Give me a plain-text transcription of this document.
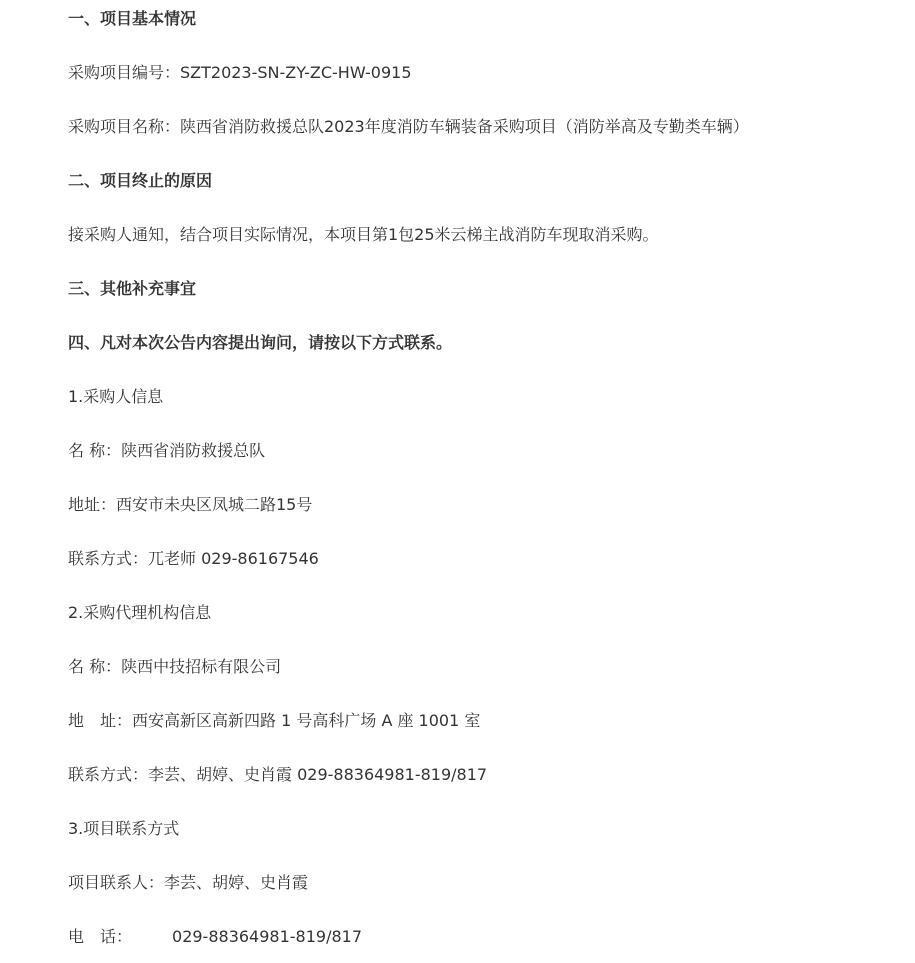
一、项目基本情况
采购项目编号：SZT2023-SN-ZY-ZC-HW-0915
采购项目名称：陕西省消防救援总队2023年度消防车辆装备采购项目（消防举高及专勤类车辆）
二、项目终止的原因
接采购人通知，结合项目实际情况，本项目第1包25米云梯主战消防车现取消采购。
三、其他补充事宜
四、凡对本次公告内容提出询问，请按以下方式联系。
1.采购人信息
名 称：陕西省消防救援总队
地址：西安市未央区凤城二路15号
联系方式：兀老师 029-86167546
2.采购代理机构信息
名 称：陕西中技招标有限公司
地　址：西安高新区高新四路 1 号高科广场 A 座 1001 室
联系方式：李芸、胡婷、史肖霞 029-88364981-819/817
3.项目联系方式
项目联系人：李芸、胡婷、史肖霞
电　话：	029-88364981-819/817
